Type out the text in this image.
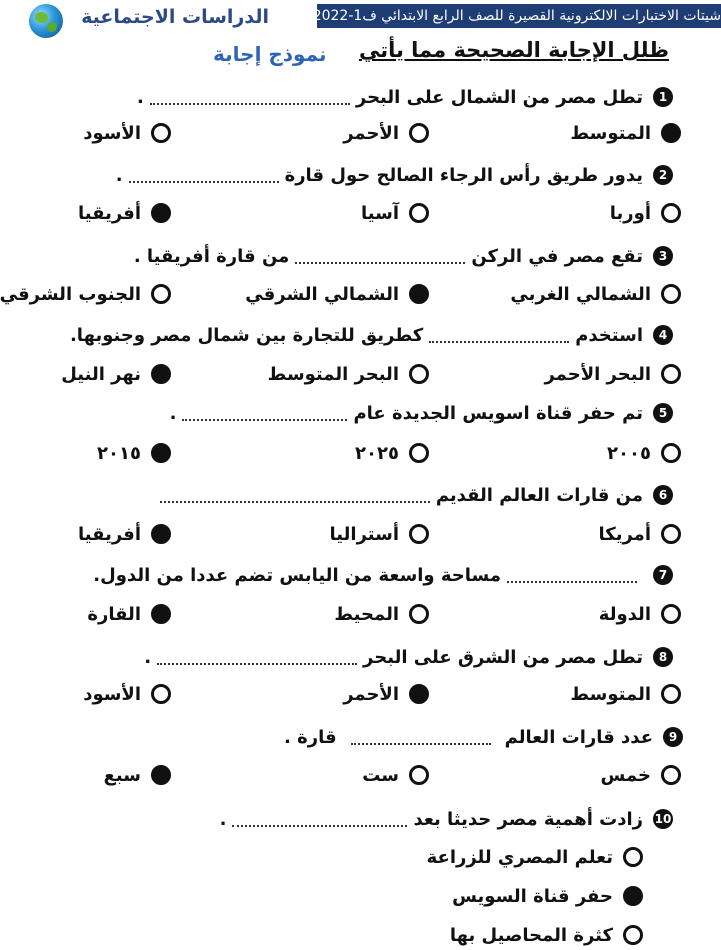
شيتات الاختبارات الالكترونية القصيرة للصف الرابع الابتدائي ف1-2022
الدراسات الاجتماعية
ظلل الإجابة الصحيحة مما يأتي
نموذج إجابة
1
تطل مصر من الشمال على البحر
.
المتوسط
الأحمر
الأسود
2
يدور طريق رأس الرجاء الصالح حول قارة
.
أوربا
آسيا
أفريقيا
3
تقع مصر في الركن
من قارة أفريقيا .
الشمالي الغربي
الشمالي الشرقي
الجنوب الشرقي
4
استخدم
كطريق للتجارة بين شمال مصر وجنوبها.
البحر الأحمر
البحر المتوسط
نهر النيل
5
تم حفر قناة اسويس الجديدة عام
.
٢٠٠٥
٢٠٢٥
٢٠١٥
6
من قارات العالم القديم
أمريكا
أستراليا
أفريقيا
7
مساحة واسعة من اليابس تضم عددا من الدول.
الدولة
المحيط
القارة
8
تطل مصر من الشرق على البحر
.
المتوسط
الأحمر
الأسود
9
عدد قارات العالم
قارة .
خمس
ست
سبع
10
زادت أهمية مصر حديثا بعد
.
تعلم المصري للزراعة
حفر قناة السويس
كثرة المحاصيل بها
